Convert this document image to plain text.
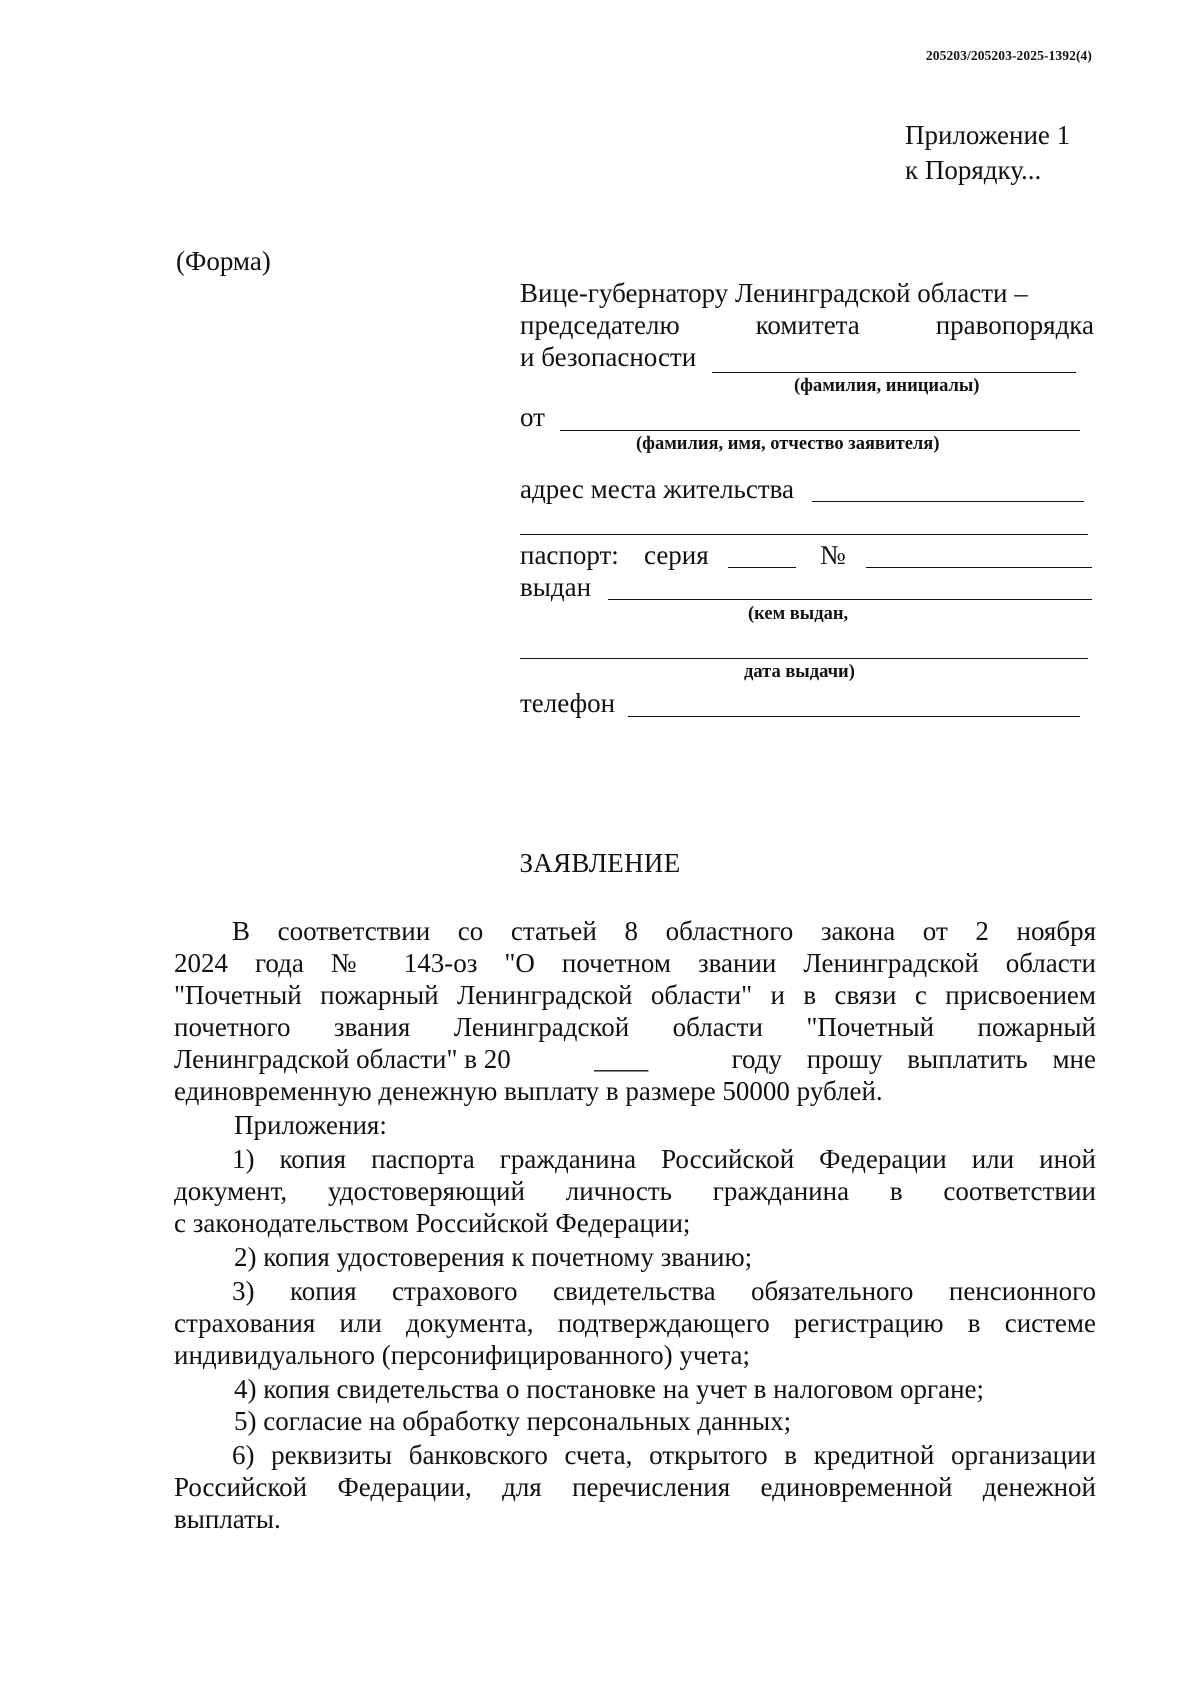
205203/205203-2025-1392(4)
Приложение 1
к Порядку...
(Форма)
Вице-губернатору Ленинградской области –
председателю	комитета	правопорядка
и безопасности
(фамилия, инициалы)
от
(фамилия, имя, отчество заявителя)
адрес места жительства
паспорт: серия	№
выдан
(кем выдан,
дата выдачи)
телефон
ЗАЯВЛЕНИЕ
В соответствии со статьей 8 областного закона от 2 ноября
2024 года № 143-оз "О почетном звании Ленинградской области
"Почетный пожарный Ленинградской области" и в связи с присвоением
почетного звания Ленинградской области "Почетный пожарный
Ленинградской области" в 20	____	году прошу выплатить мне
единовременную денежную выплату в размере 50000 рублей.
Приложения:
1) копия паспорта гражданина Российской Федерации или иной
документ, удостоверяющий личность гражданина в соответствии
с законодательством Российской Федерации;
2) копия удостоверения к почетному званию;
3) копия страхового свидетельства обязательного пенсионного
страхования или документа, подтверждающего регистрацию в системе
индивидуального (персонифицированного) учета;
4) копия свидетельства о постановке на учет в налоговом органе;
5) согласие на обработку персональных данных;
6) реквизиты банковского счета, открытого в кредитной организации
Российской Федерации, для перечисления единовременной денежной
выплаты.
